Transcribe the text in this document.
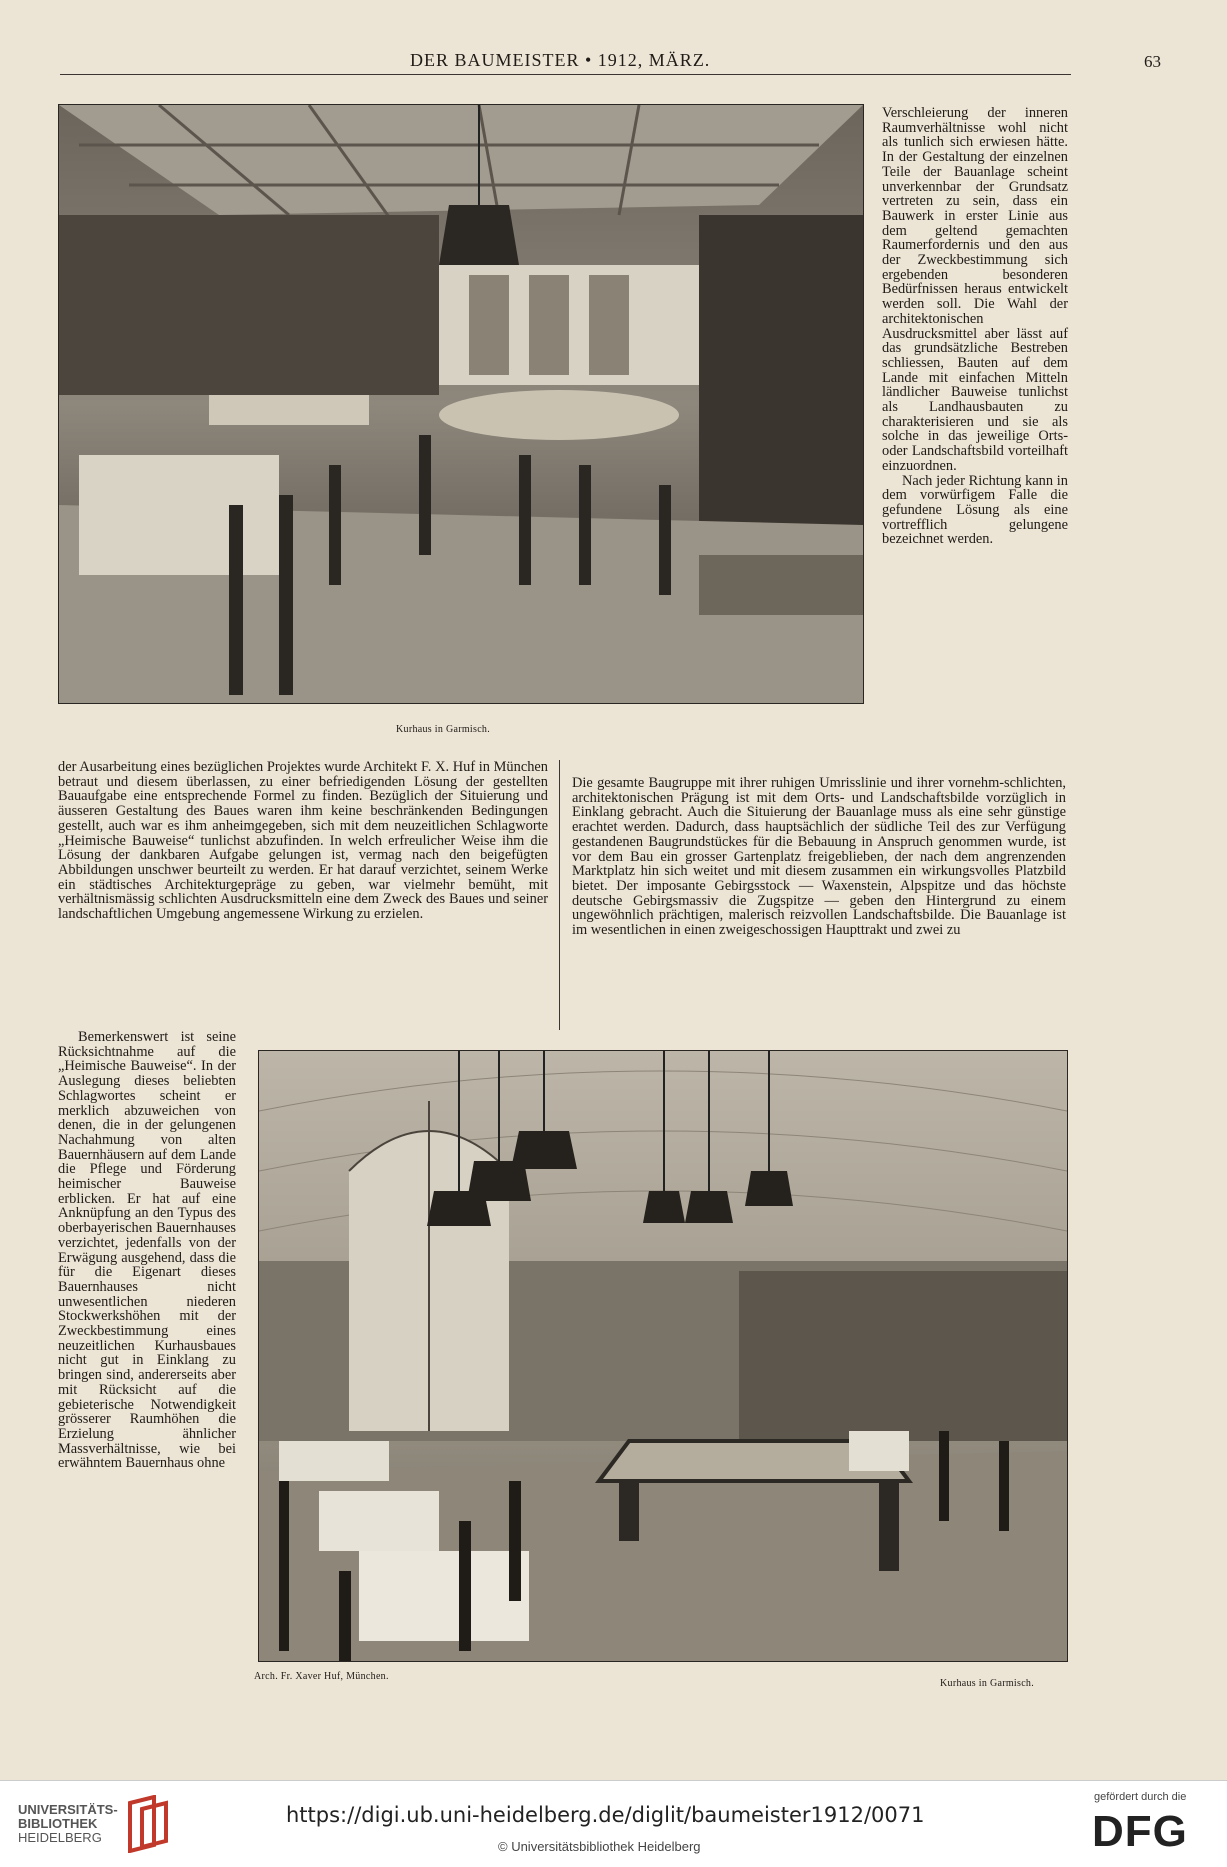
DER BAUMEISTER • 1912, MÄRZ.	63
Kurhaus in Garmisch.

Verschleierung der inneren Raumverhältnisse wohl nicht als tunlich sich erwiesen hätte. In der Gestaltung der einzelnen Teile der Bauanlage scheint unverkennbar der Grundsatz vertreten zu sein, dass ein Bauwerk in erster Linie aus dem geltend gemachten Raumerfordernis und den aus der Zweckbestimmung sich ergebenden besonderen Bedürfnissen heraus entwickelt werden soll. Die Wahl der architektonischen Ausdrucksmittel aber lässt auf das grundsätzliche Bestreben schliessen, Bauten auf dem Lande mit einfachen Mitteln ländlicher Bauweise tunlichst als Landhausbauten zu charakterisieren und sie als solche in das jeweilige Orts- oder Landschaftsbild vorteilhaft einzuordnen.

Nach jeder Richtung kann in dem vorwürfigem Falle die gefundene Lösung als eine vortrefflich gelungene bezeichnet werden.

der Ausarbeitung eines bezüglichen Projektes wurde Architekt F. X. Huf in München betraut und diesem überlassen, zu einer befriedigenden Lösung der gestellten Bauaufgabe eine entsprechende Formel zu finden. Bezüglich der Situierung und äusseren Gestaltung des Baues waren ihm keine beschränkenden Bedingungen gestellt, auch war es ihm anheimgegeben, sich mit dem neuzeitlichen Schlagworte „Heimische Bauweise“ tunlichst abzufinden. In welch erfreulicher Weise ihm die Lösung der dankbaren Aufgabe gelungen ist, vermag nach den beigefügten Abbildungen unschwer beurteilt zu werden. Er hat darauf verzichtet, seinem Werke ein städtisches Architekturgepräge zu geben, war vielmehr bemüht, mit verhältnismässig schlichten Ausdrucksmitteln eine dem Zweck des Baues und seiner landschaftlichen Umgebung angemessene Wirkung zu erzielen.

Die gesamte Baugruppe mit ihrer ruhigen Umrisslinie und ihrer vornehm-schlichten, architektonischen Prägung ist mit dem Orts- und Landschaftsbilde vorzüglich in Einklang gebracht. Auch die Situierung der Bauanlage muss als eine sehr günstige erachtet werden. Dadurch, dass hauptsächlich der südliche Teil des zur Verfügung gestandenen Baugrundstückes für die Bebauung in Anspruch genommen wurde, ist vor dem Bau ein grosser Gartenplatz freigeblieben, der nach dem angrenzenden Marktplatz hin sich weitet und mit diesem zusammen ein wirkungsvolles Platzbild bietet. Der imposante Gebirgsstock — Waxenstein, Alpspitze und das höchste deutsche Gebirgsmassiv die Zugspitze — geben den Hintergrund zu einem ungewöhnlich prächtigen, malerisch reizvollen Landschaftsbilde. Die Bauanlage ist im wesentlichen in einen zweigeschossigen Haupttrakt und zwei zu

Bemerkenswert ist seine Rücksichtnahme auf die „Heimische Bauweise“. In der Auslegung dieses beliebten Schlagwortes scheint er merklich abzuweichen von denen, die in der gelungenen Nachahmung von alten Bauernhäusern auf dem Lande die Pflege und Förderung heimischer Bauweise erblicken. Er hat auf eine Anknüpfung an den Typus des oberbayerischen Bauernhauses verzichtet, jedenfalls von der Erwägung ausgehend, dass die für die Eigenart dieses Bauernhauses nicht unwesentlichen niederen Stockwerkshöhen mit der Zweckbestimmung eines neuzeitlichen Kurhausbaues nicht gut in Einklang zu bringen sind, andererseits aber mit Rücksicht auf die gebieterische Notwendigkeit grösserer Raumhöhen die Erzielung ähnlicher Massverhältnisse, wie bei erwähntem Bauernhaus ohne

Arch. Fr. Xaver Huf, München.
Kurhaus in Garmisch.
UNIVERSITÄTS-
BIBLIOTHEK
HEIDELBERG
https://digi.ub.uni-heidelberg.de/diglit/baumeister1912/0071
© Universitätsbibliothek Heidelberg
gefördert durch die
DFG
